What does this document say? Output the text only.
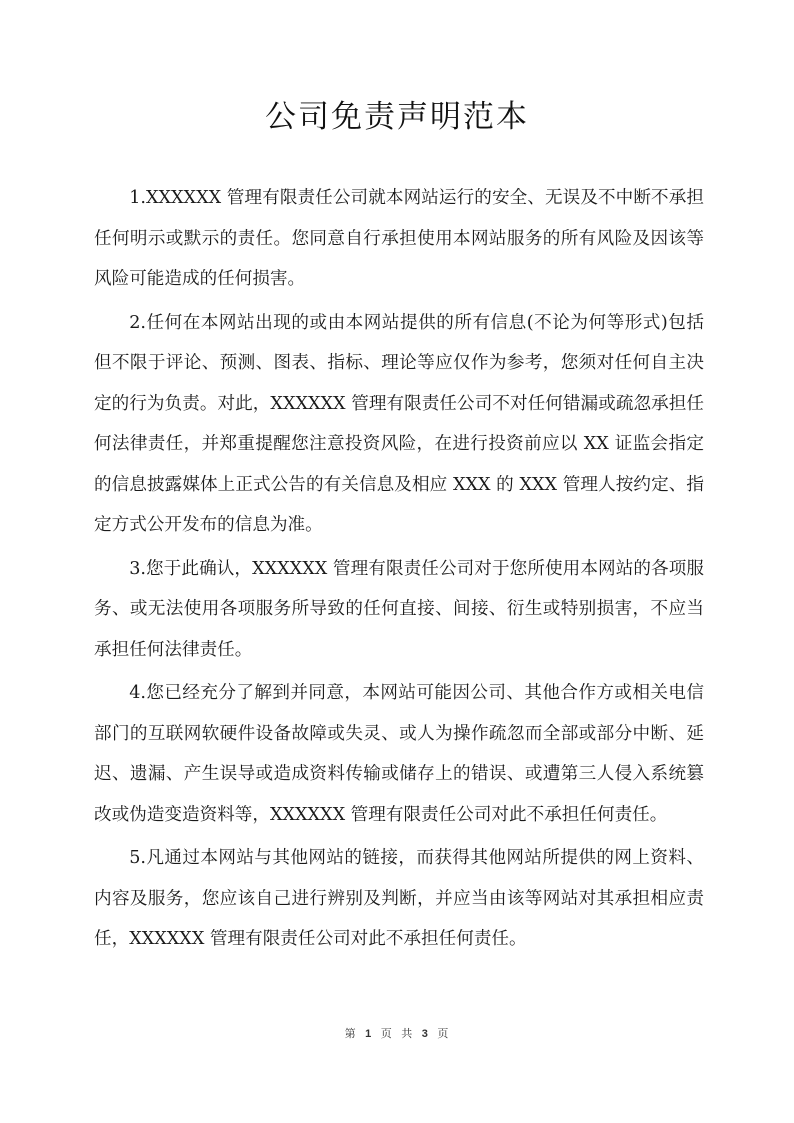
公司免责声明范本

1.XXXXXX 管理有限责任公司就本网站运行的安全、无误及不中断不承担任何明示或默示的责任。您同意自行承担使用本网站服务的所有风险及因该等风险可能造成的任何损害。

2.任何在本网站出现的或由本网站提供的所有信息(不论为何等形式)包括但不限于评论、预测、图表、指标、理论等应仅作为参考，您须对任何自主决定的行为负责。对此，XXXXXX 管理有限责任公司不对任何错漏或疏忽承担任何法律责任，并郑重提醒您注意投资风险，在进行投资前应以 XX 证监会指定的信息披露媒体上正式公告的有关信息及相应 XXX 的 XXX 管理人按约定、指定方式公开发布的信息为准。

3.您于此确认，XXXXXX 管理有限责任公司对于您所使用本网站的各项服务、或无法使用各项服务所导致的任何直接、间接、衍生或特别损害，不应当承担任何法律责任。

4.您已经充分了解到并同意，本网站可能因公司、其他合作方或相关电信部门的互联网软硬件设备故障或失灵、或人为操作疏忽而全部或部分中断、延迟、遗漏、产生误导或造成资料传输或储存上的错误、或遭第三人侵入系统篡改或伪造变造资料等，XXXXXX 管理有限责任公司对此不承担任何责任。

5.凡通过本网站与其他网站的链接，而获得其他网站所提供的网上资料、内容及服务，您应该自己进行辨别及判断，并应当由该等网站对其承担相应责任，XXXXXX 管理有限责任公司对此不承担任何责任。

第 1 页 共 3 页
